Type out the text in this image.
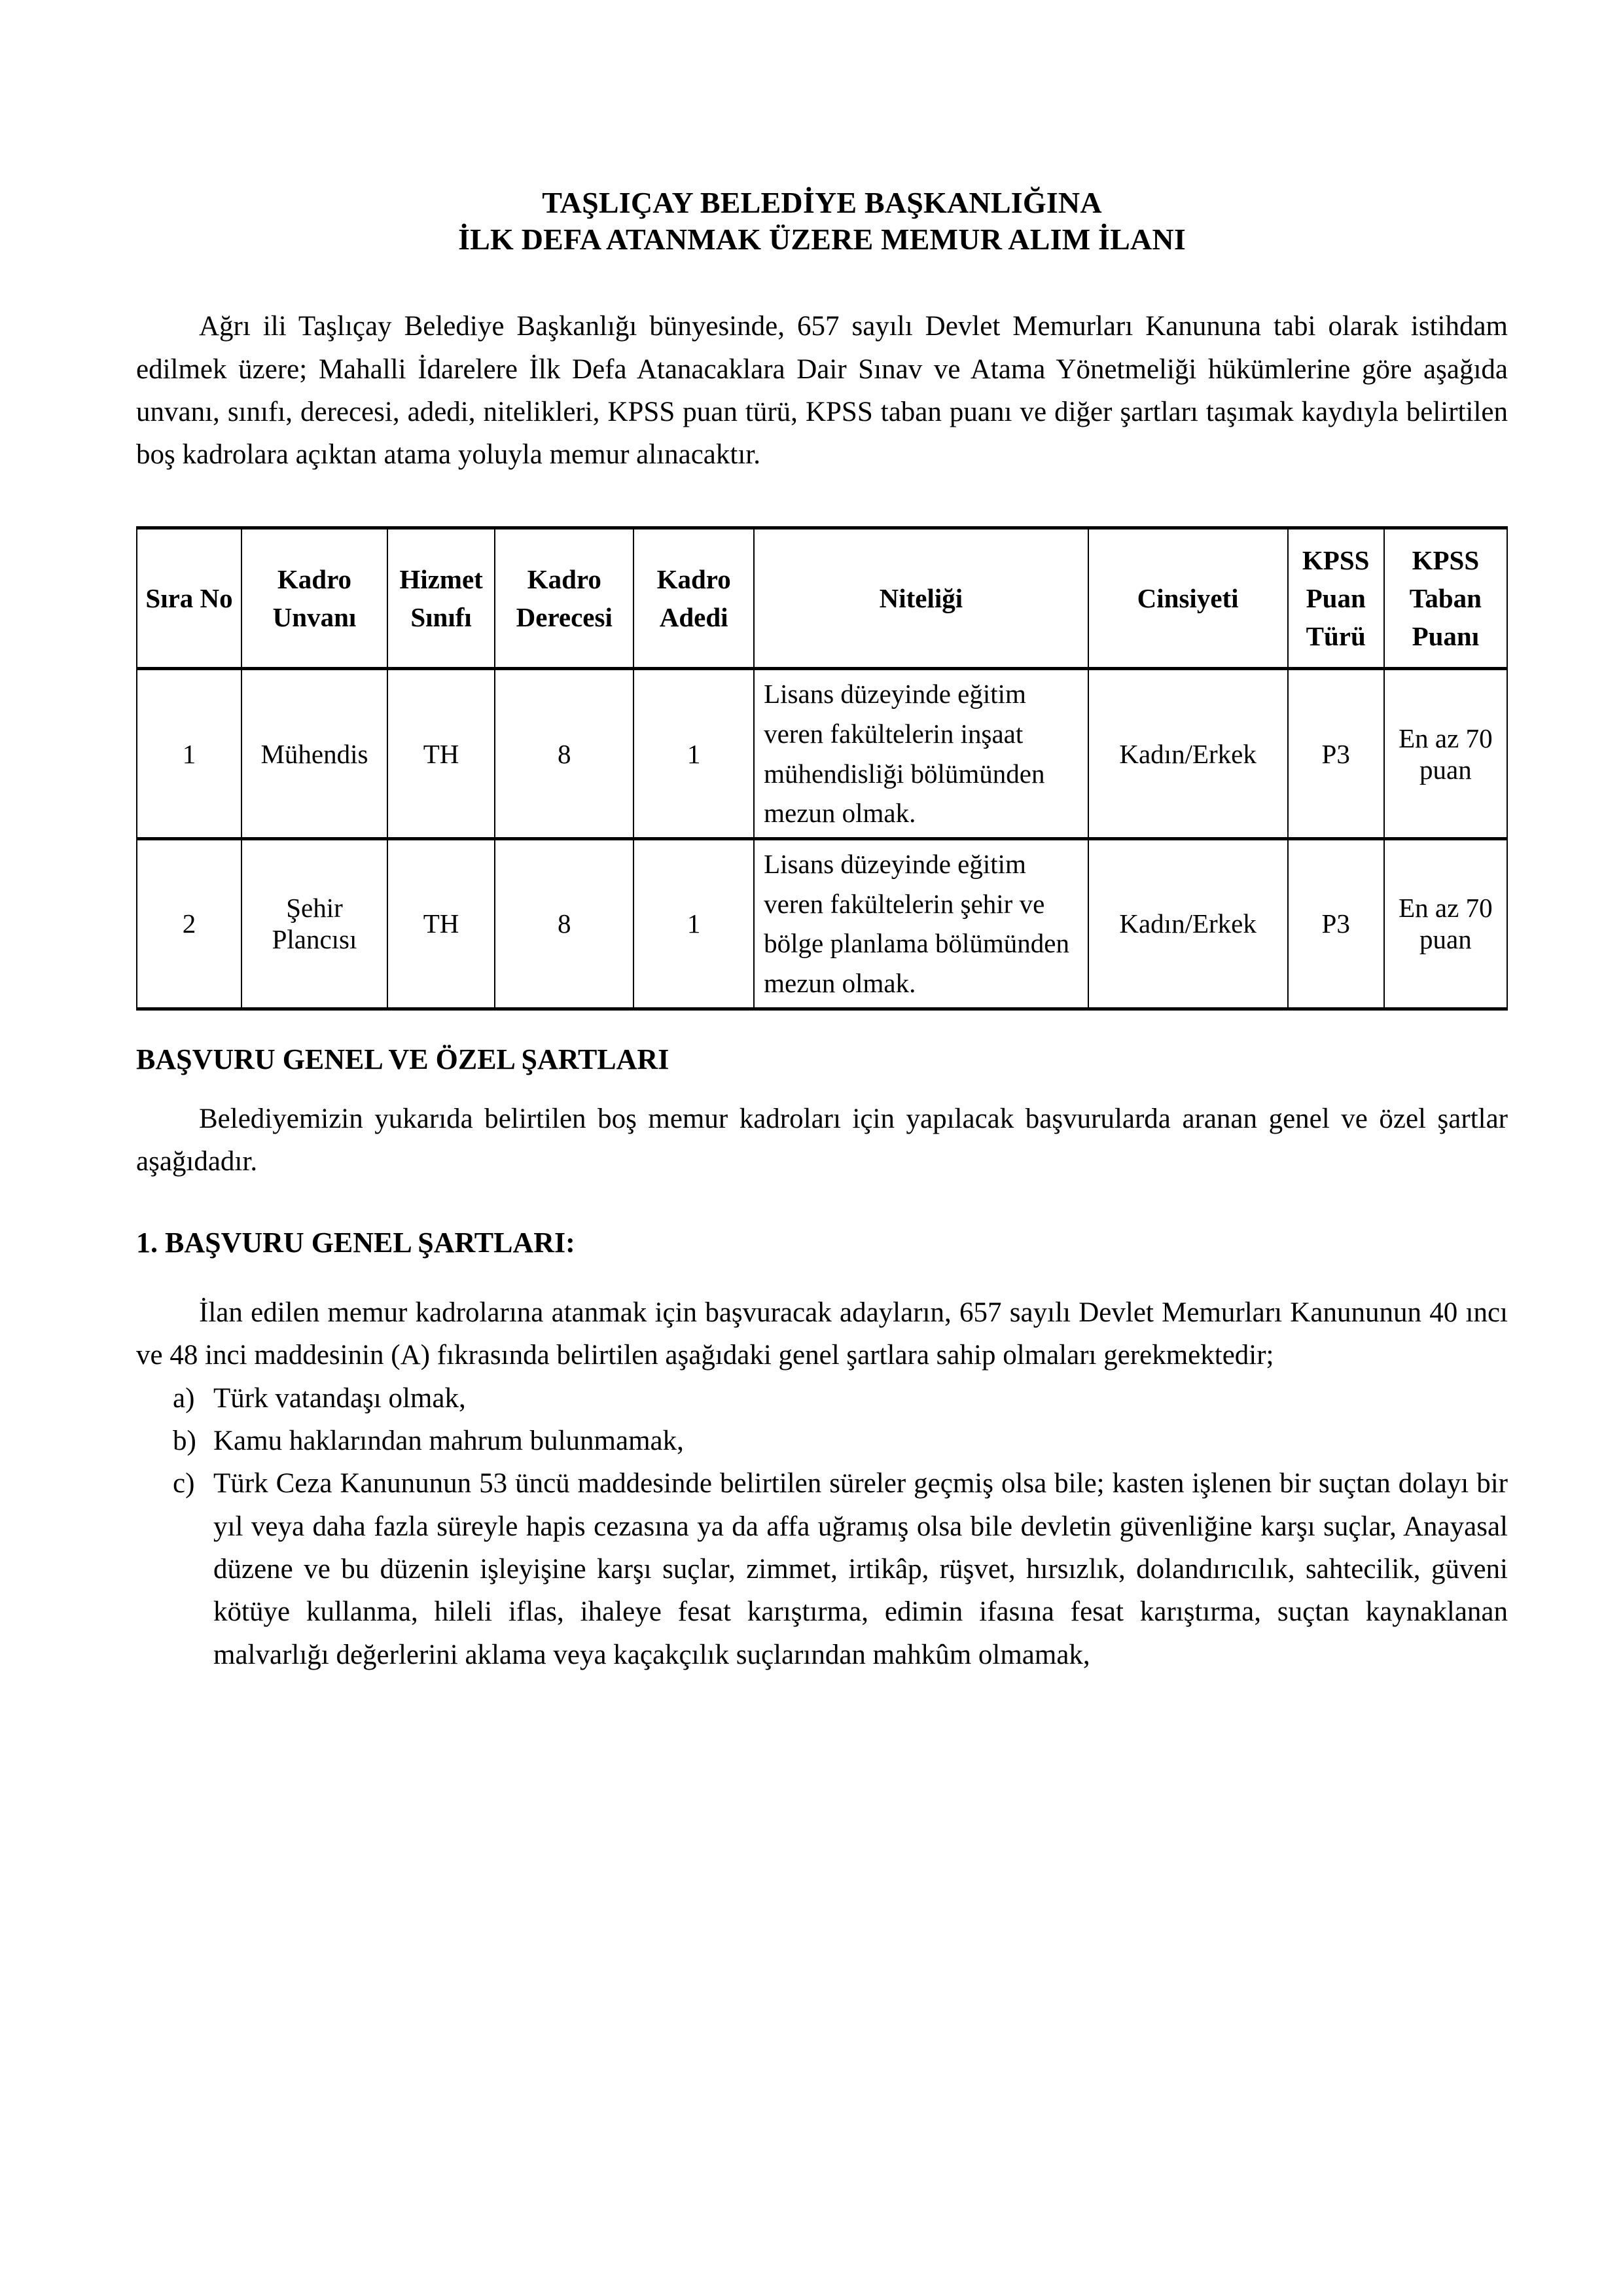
TAŞLIÇAY BELEDİYE BAŞKANLIĞINA
İLK DEFA ATANMAK ÜZERE MEMUR ALIM İLANI

Ağrı ili Taşlıçay Belediye Başkanlığı bünyesinde, 657 sayılı Devlet Memurları Kanununa tabi olarak istihdam edilmek üzere; Mahalli İdarelere İlk Defa Atanacaklara Dair Sınav ve Atama Yönetmeliği hükümlerine göre aşağıda unvanı, sınıfı, derecesi, adedi, nitelikleri, KPSS puan türü, KPSS taban puanı ve diğer şartları taşımak kaydıyla belirtilen boş kadrolara açıktan atama yoluyla memur alınacaktır.

Sıra No	Kadro Unvanı	Hizmet Sınıfı	Kadro Derecesi	Kadro Adedi	Niteliği	Cinsiyeti	KPSS Puan Türü	KPSS Taban Puanı
1	Mühendis	TH	8	1	Lisans düzeyinde eğitim veren fakültelerin inşaat mühendisliği bölümünden mezun olmak.	Kadın/Erkek	P3	En az 70 puan
2	Şehir Plancısı	TH	8	1	Lisans düzeyinde eğitim veren fakültelerin şehir ve bölge planlama bölümünden mezun olmak.	Kadın/Erkek	P3	En az 70 puan
BAŞVURU GENEL VE ÖZEL ŞARTLARI

Belediyemizin yukarıda belirtilen boş memur kadroları için yapılacak başvurularda aranan genel ve özel şartlar aşağıdadır.

1. BAŞVURU GENEL ŞARTLARI:

İlan edilen memur kadrolarına atanmak için başvuracak adayların, 657 sayılı Devlet Memurları Kanununun 40 ıncı ve 48 inci maddesinin (A) fıkrasında belirtilen aşağıdaki genel şartlara sahip olmaları gerekmektedir;

a) Türk vatandaşı olmak,
b) Kamu haklarından mahrum bulunmamak,
c) Türk Ceza Kanununun 53 üncü maddesinde belirtilen süreler geçmiş olsa bile; kasten işlenen bir suçtan dolayı bir yıl veya daha fazla süreyle hapis cezasına ya da affa uğramış olsa bile devletin güvenliğine karşı suçlar, Anayasal düzene ve bu düzenin işleyişine karşı suçlar, zimmet, irtikâp, rüşvet, hırsızlık, dolandırıcılık, sahtecilik, güveni kötüye kullanma, hileli iflas, ihaleye fesat karıştırma, edimin ifasına fesat karıştırma, suçtan kaynaklanan malvarlığı değerlerini aklama veya kaçakçılık suçlarından mahkûm olmamak,
